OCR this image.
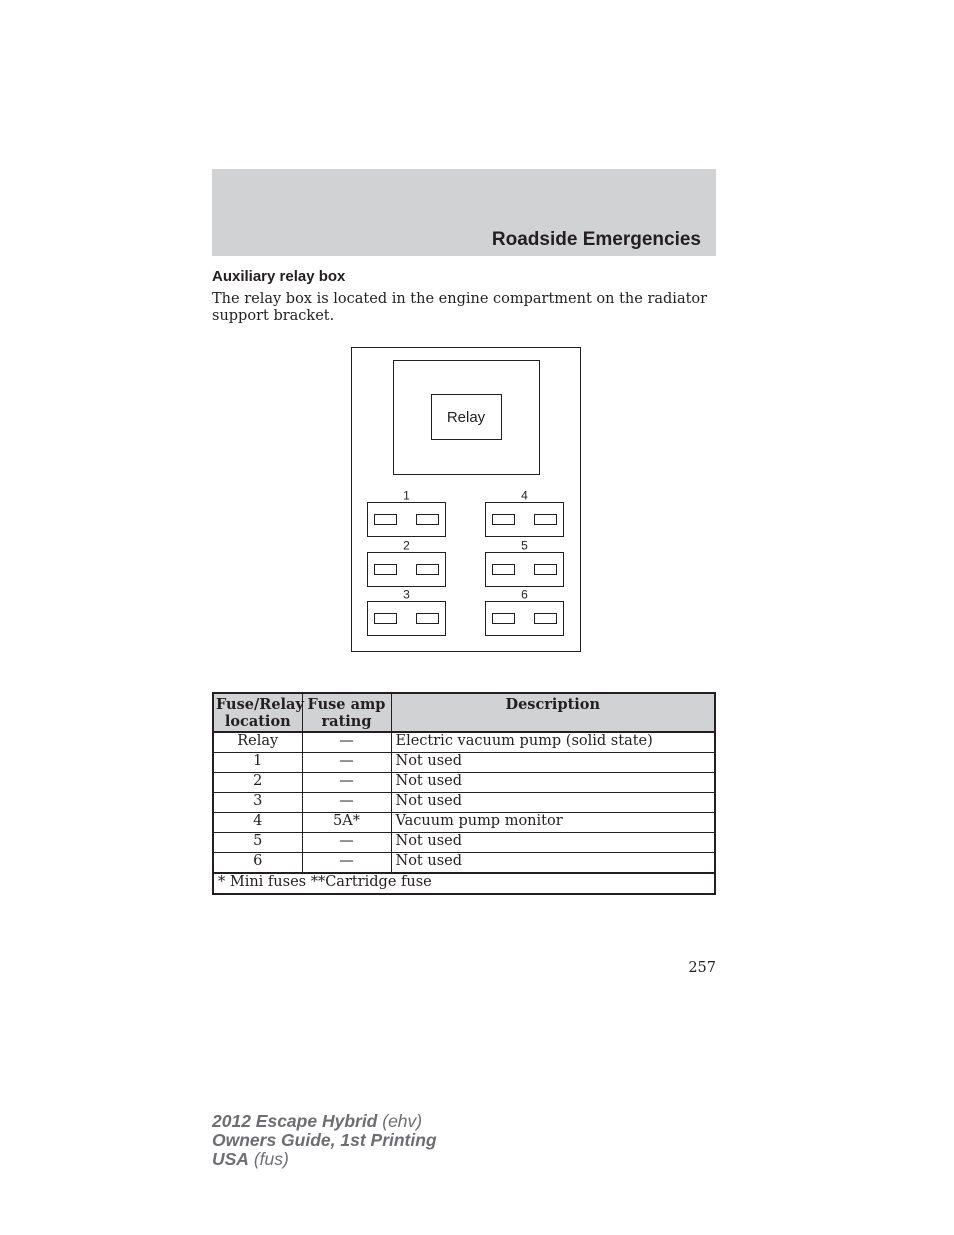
Roadside Emergencies
Auxiliary relay box
The relay box is located in the engine compartment on the radiator support bracket.
Relay
1
2
3
4
5
6
Fuse/Relay location	Fuse amp rating	Description
Relay	—	Electric vacuum pump (solid state)
1	—	Not used
2	—	Not used
3	—	Not used
4	5A*	Vacuum pump monitor
5	—	Not used
6	—	Not used
* Mini fuses **Cartridge fuse		
257
2012 Escape Hybrid (ehv)
Owners Guide, 1st Printing
USA (fus)
